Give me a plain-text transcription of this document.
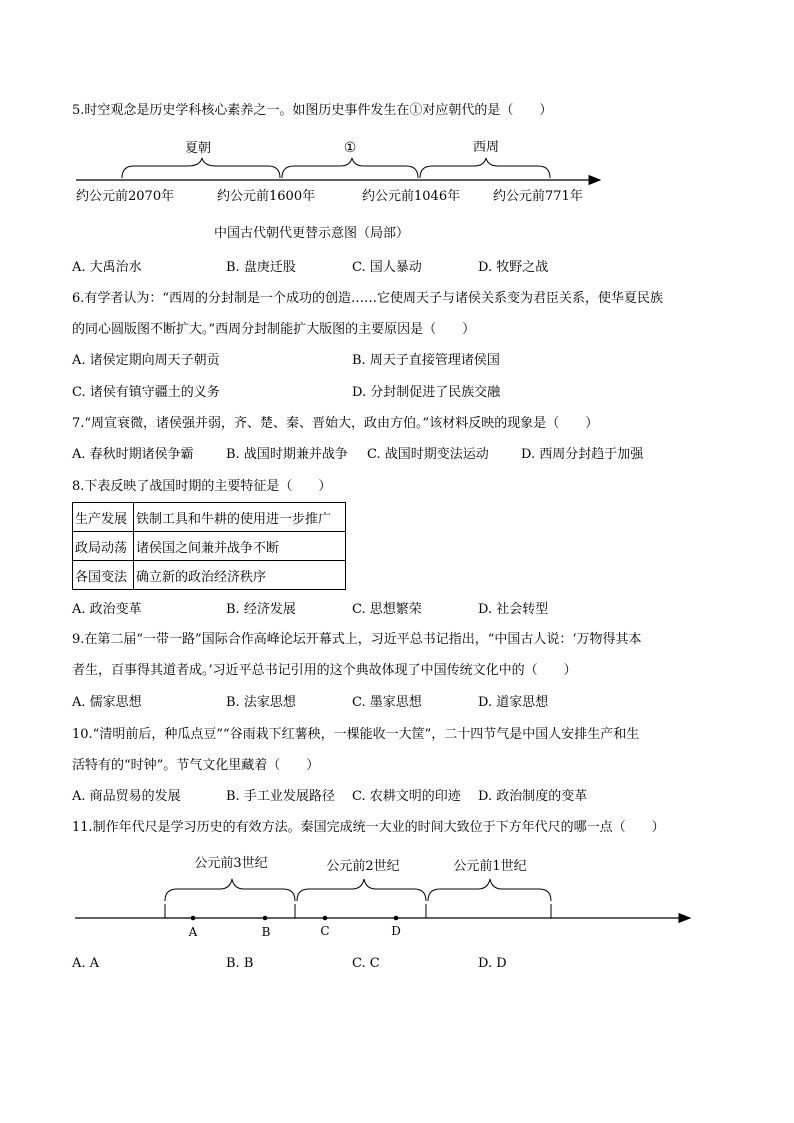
5.时空观念是历史学科核心素养之一。如图历史事件发生在①对应朝代的是（　　）
夏朝	①	西周
约公元前2070年	约公元前1600年	约公元前1046年	约公元前771年
中国古代朝代更替示意图（局部）
A. 大禹治水	B. 盘庚迁股	C. 国人暴动	D. 牧野之战
6.有学者认为：“西周的分封制是一个成功的创造……它使周天子与诸侯关系变为君臣关系，使华夏民族
的同心圆版图不断扩大。”西周分封制能扩大版图的主要原因是（　　）
A. 诸侯定期向周天子朝贡	B. 周天子直接管理诸侯国
C. 诸侯有镇守疆土的义务	D. 分封制促进了民族交融
7.“周宣衰微，诸侯强并弱，齐、楚、秦、晋始大，政由方伯。”该材料反映的现象是（　　）
A. 春秋时期诸侯争霸 B. 战国时期兼并战争 C. 战国时期变法运动 D. 西周分封趋于加强
8.下表反映了战国时期的主要特征是（　　）
生产发展	铁制工具和牛耕的使用进一步推广
政局动荡	诸侯国之间兼并战争不断
各国变法	确立新的政治经济秩序
A. 政治变革	B. 经济发展	C. 思想繁荣	D. 社会转型
9.在第二届“一带一路”国际合作高峰论坛开幕式上，习近平总书记指出，“中国古人说：‘万物得其本
者生，百事得其道者成。’习近平总书记引用的这个典故体现了中国传统文化中的（　　）
A. 儒家思想	B. 法家思想	C. 墨家思想	D. 道家思想
10.“清明前后，种瓜点豆”“谷雨栽下红薯秧，一棵能收一大筐”，二十四节气是中国人安排生产和生
活特有的“时钟”。节气文化里藏着（　　）
A. 商品贸易的发展	B. 手工业发展路径 C. 农耕文明的印迹 D. 政治制度的变革
11.制作年代尺是学习历史的有效方法。秦国完成统一大业的时间大致位于下方年代尺的哪一点（　　）
公元前3世纪	公元前2世纪	公元前1世纪
A	B	C	D
A. A	B. B	C. C	D. D
